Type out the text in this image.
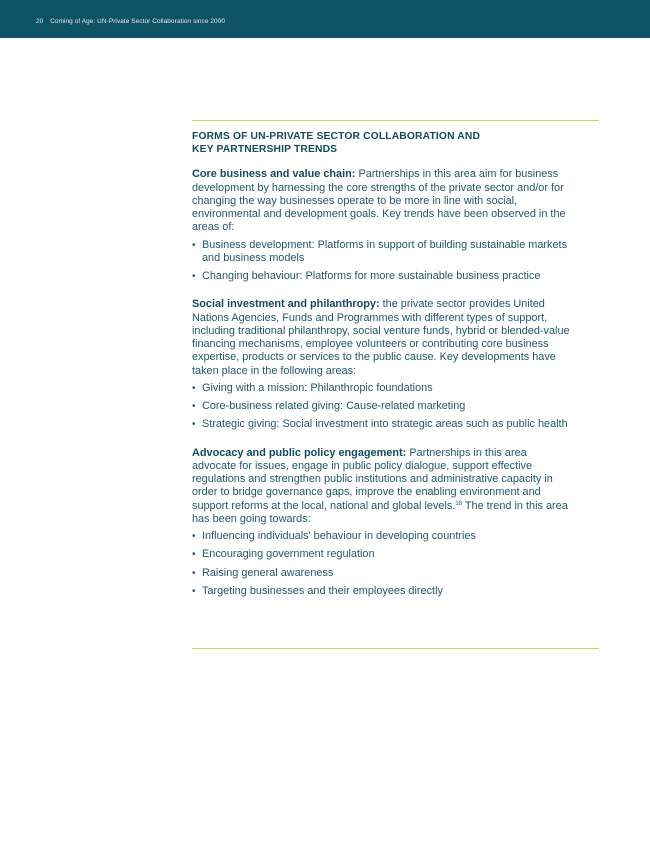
20 Coming of Age: UN-Private Sector Collaboration since 2000
FORMS OF UN-PRIVATE SECTOR COLLABORATION AND
KEY PARTNERSHIP TRENDS

Core business and value chain: Partnerships in this area aim for business development by harnessing the core strengths of the private sector and/or for changing the way businesses operate to be more in line with social, environmental and development goals. Key trends have been observed in the areas of:

• Business development: Platforms in support of building sustainable markets and business models
• Changing behaviour: Platforms for more sustainable business practice

Social investment and philanthropy: the private sector provides United Nations Agencies, Funds and Programmes with different types of support, including traditional philanthropy, social venture funds, hybrid or blended-value financing mechanisms, employee volunteers or contributing core business expertise, products or services to the public cause. Key developments have taken place in the following areas:

• Giving with a mission: Philanthropic foundations
• Core-business related giving: Cause-related marketing
• Strategic giving: Social investment into strategic areas such as public health

Advocacy and public policy engagement: Partnerships in this area advocate for issues, engage in public policy dialogue, support effective regulations and strengthen public institutions and administrative capacity in order to bridge governance gaps, improve the enabling environment and support reforms at the local, national and global levels.$^{18}$ The trend in this area has been going towards:

• Influencing individuals' behaviour in developing countries
• Encouraging government regulation
• Raising general awareness
• Targeting businesses and their employees directly
